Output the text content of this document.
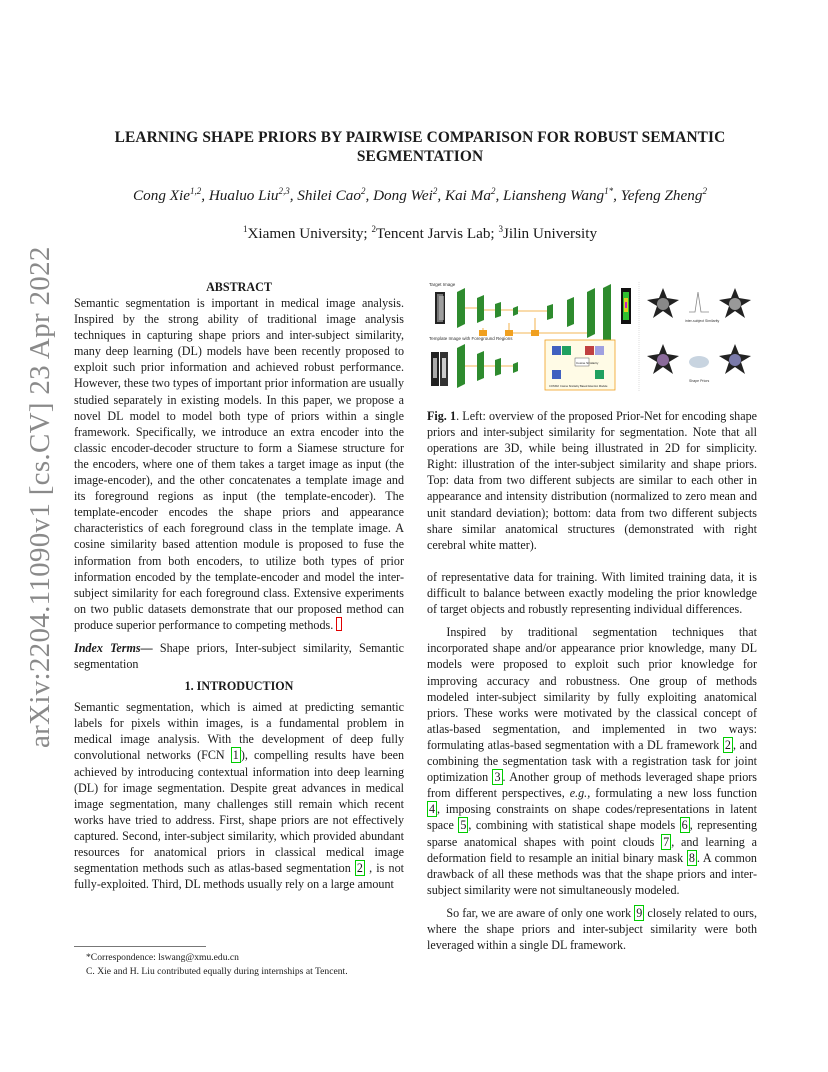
arXiv:2204.11090v1 [cs.CV] 23 Apr 2022
LEARNING SHAPE PRIORS BY PAIRWISE COMPARISON FOR ROBUST SEMANTIC
SEGMENTATION
Cong Xie$^{1,2}$, Hualuo Liu$^{2,3}$, Shilei Cao$^2$, Dong Wei$^2$, Kai Ma$^2$, Liansheng Wang$^{1*}$, Yefeng Zheng$^2$
$^1$Xiamen University; $^2$Tencent Jarvis Lab; $^3$Jilin University
ABSTRACT

Semantic segmentation is important in medical image analysis. Inspired by the strong ability of traditional image analysis techniques in capturing shape priors and inter-subject similarity, many deep learning (DL) models have been recently proposed to exploit such prior information and achieved robust performance. However, these two types of important prior information are usually studied separately in existing models. In this paper, we propose a novel DL model to model both type of priors within a single framework. Specifically, we introduce an extra encoder into the classic encoder-decoder structure to form a Siamese structure for the encoders, where one of them takes a target image as input (the image-encoder), and the other concatenates a template image and its foreground regions as input (the template-encoder). The template-encoder encodes the shape priors and appearance characteristics of each foreground class in the template image. A cosine similarity based attention module is proposed to fuse the information from both encoders, to utilize both types of prior information encoded by the template-encoder and model the inter-subject similarity for each foreground class. Extensive experiments on two public datasets demonstrate that our proposed method can produce superior performance to competing methods.

Index Terms— Shape priors, Inter-subject similarity, Semantic segmentation

1. INTRODUCTION

Semantic segmentation, which is aimed at predicting semantic labels for pixels within images, is a fundamental problem in medical image analysis. With the development of deep fully convolutional networks (FCN 1 ), compelling results have been achieved by introducing contextual information into deep learning (DL) for image segmentation. Despite great advances in medical image segmentation, many challenges still remain which recent works have tried to address. First, shape priors are not effectively captured. Second, inter-subject similarity, which provided abundant resources for anatomical priors in classical medical image segmentation methods such as atlas-based segmentation 2 , is not fully-exploited. Third, DL methods usually rely on a large amount

*Correspondence: lswang@xmu.edu.cn
C. Xie and H. Liu contributed equally during internships at Tencent.
Target Image
Template Image with Foreground Regions
Cosine Similarity
COSSM: Cosine Similarity Based Attention Module
inter-subject Similarity
Shape Priors
Fig. 1. Left: overview of the proposed Prior-Net for encoding shape priors and inter-subject similarity for segmentation. Note that all operations are 3D, while being illustrated in 2D for simplicity. Right: illustration of the inter-subject similarity and shape priors. Top: data from two different subjects are similar to each other in appearance and intensity distribution (normalized to zero mean and unit standard deviation); bottom: data from two different subjects share similar anatomical structures (demonstrated with right cerebral white matter).

of representative data for training. With limited training data, it is difficult to balance between exactly modeling the prior knowledge of target objects and robustly representing individual differences.

Inspired by traditional segmentation techniques that incorporated shape and/or appearance prior knowledge, many DL models were proposed to exploit such prior knowledge for improving accuracy and robustness. One group of methods modeled inter-subject similarity by fully exploiting anatomical priors. These works were motivated by the classical concept of atlas-based segmentation, and implemented in two ways: formulating atlas-based segmentation with a DL framework 2 , and combining the segmentation task with a registration task for joint optimization 3 . Another group of methods leveraged shape priors from different perspectives, e.g., formulating a new loss function 4 , imposing constraints on shape codes/representations in latent space 5 , combining with statistical shape models 6 , representing sparse anatomical shapes with point clouds 7 , and learning a deformation field to resample an initial binary mask 8 . A common drawback of all these methods was that the shape priors and inter-subject similarity were not simultaneously modeled.

So far, we are aware of only one work 9 closely related to ours, where the shape priors and inter-subject similarity were both leveraged within a single DL framework.
